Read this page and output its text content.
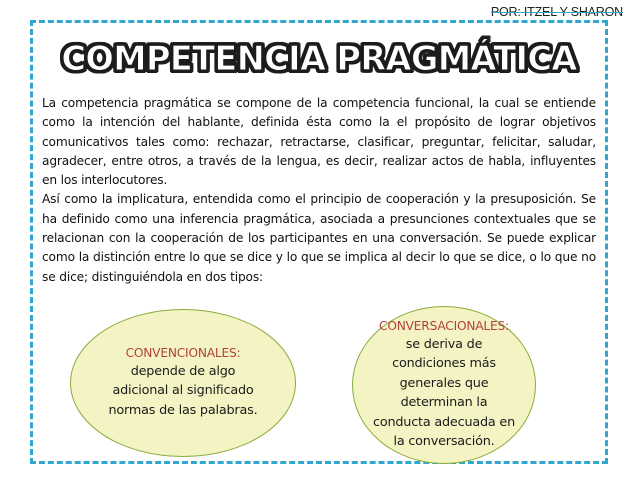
POR: ITZEL Y SHARON
COMPETENCIA PRAGMÁTICA
La competencia pragmática se compone de la competencia funcional, la cual se entiende como la intención del hablante, definida ésta como la el propósito de lograr objetivos comunicativos tales como: rechazar, retractarse, clasificar, preguntar, felicitar, saludar, agradecer, entre otros, a través de la lengua, es decir, realizar actos de habla, influyentes en los interlocutores.
Así como la implicatura, entendida como el principio de cooperación y la presuposición. Se ha definido como una inferencia pragmática, asociada a presunciones contextuales que se relacionan con la cooperación de los participantes en una conversación. Se puede explicar como la distinción entre lo que se dice y lo que se implica al decir lo que se dice, o lo que no se dice; distinguiéndola en dos tipos:
CONVENCIONALES:
depende de algo adicional al significado normas de las palabras.
CONVERSACIONALES:
se deriva de condiciones más generales que determinan la conducta adecuada en la conversación.
